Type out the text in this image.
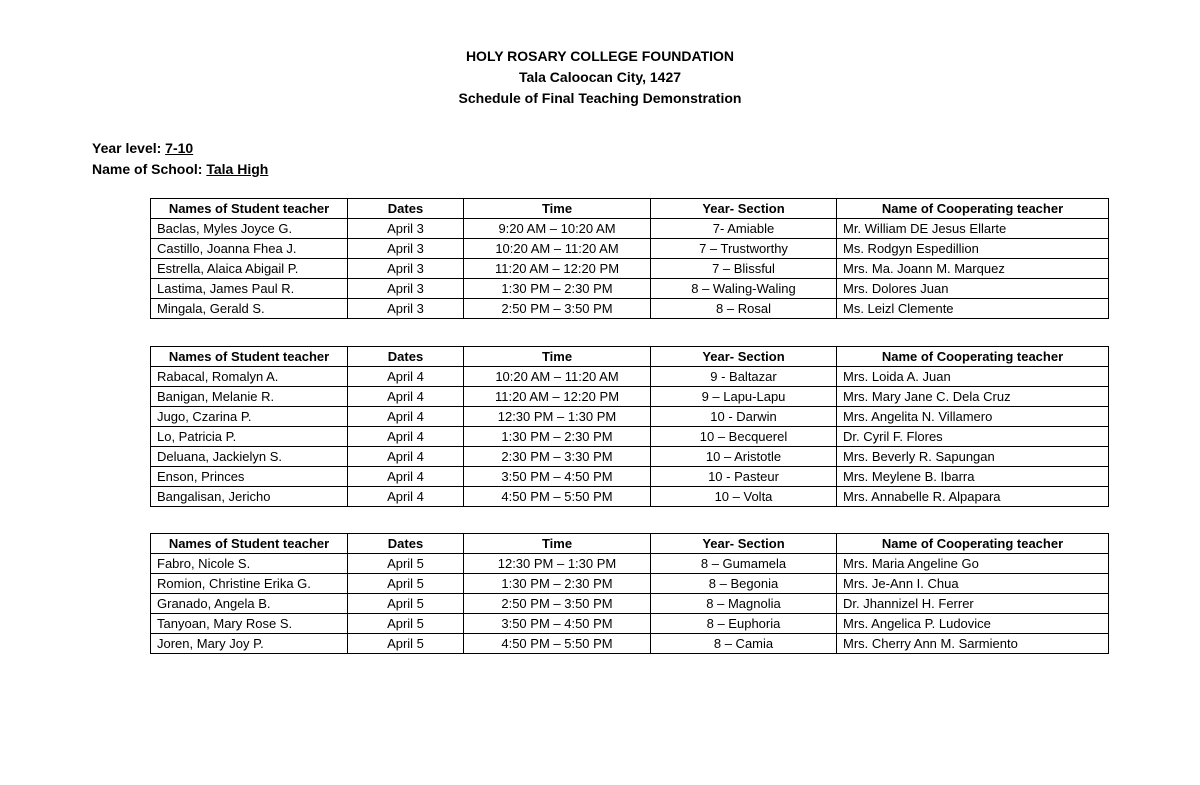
HOLY ROSARY COLLEGE FOUNDATION
Tala Caloocan City, 1427
Schedule of Final Teaching Demonstration
Year level: 7-10
Name of School: Tala High
Names of Student teacher	Dates	Time	Year- Section	Name of Cooperating teacher
Baclas, Myles Joyce G.	April 3	9:20 AM – 10:20 AM	7- Amiable	Mr. William DE Jesus Ellarte
Castillo, Joanna Fhea J.	April 3	10:20 AM – 11:20 AM	7 – Trustworthy	Ms. Rodgyn Espedillion
Estrella, Alaica Abigail P.	April 3	11:20 AM – 12:20 PM	7 – Blissful	Mrs. Ma. Joann M. Marquez
Lastima, James Paul R.	April 3	1:30 PM – 2:30 PM	8 – Waling-Waling	Mrs. Dolores Juan
Mingala, Gerald S.	April 3	2:50 PM – 3:50 PM	8 – Rosal	Ms. Leizl Clemente
Names of Student teacher	Dates	Time	Year- Section	Name of Cooperating teacher
Rabacal, Romalyn A.	April 4	10:20 AM – 11:20 AM	9 - Baltazar	Mrs. Loida A. Juan
Banigan, Melanie R.	April 4	11:20 AM – 12:20 PM	9 – Lapu-Lapu	Mrs. Mary Jane C. Dela Cruz
Jugo, Czarina P.	April 4	12:30 PM – 1:30 PM	10 - Darwin	Mrs. Angelita N. Villamero
Lo, Patricia P.	April 4	1:30 PM – 2:30 PM	10 – Becquerel	Dr. Cyril F. Flores
Deluana, Jackielyn S.	April 4	2:30 PM – 3:30 PM	10 – Aristotle	Mrs. Beverly R. Sapungan
Enson, Princes	April 4	3:50 PM – 4:50 PM	10 - Pasteur	Mrs. Meylene B. Ibarra
Bangalisan, Jericho	April 4	4:50 PM – 5:50 PM	10 – Volta	Mrs. Annabelle R. Alpapara
Names of Student teacher	Dates	Time	Year- Section	Name of Cooperating teacher
Fabro, Nicole S.	April 5	12:30 PM – 1:30 PM	8 – Gumamela	Mrs. Maria Angeline Go
Romion, Christine Erika G.	April 5	1:30 PM – 2:30 PM	8 – Begonia	Mrs. Je-Ann I. Chua
Granado, Angela B.	April 5	2:50 PM – 3:50 PM	8 – Magnolia	Dr. Jhannizel H. Ferrer
Tanyoan, Mary Rose S.	April 5	3:50 PM – 4:50 PM	8 – Euphoria	Mrs. Angelica P. Ludovice
Joren, Mary Joy P.	April 5	4:50 PM – 5:50 PM	8 – Camia	Mrs. Cherry Ann M. Sarmiento
